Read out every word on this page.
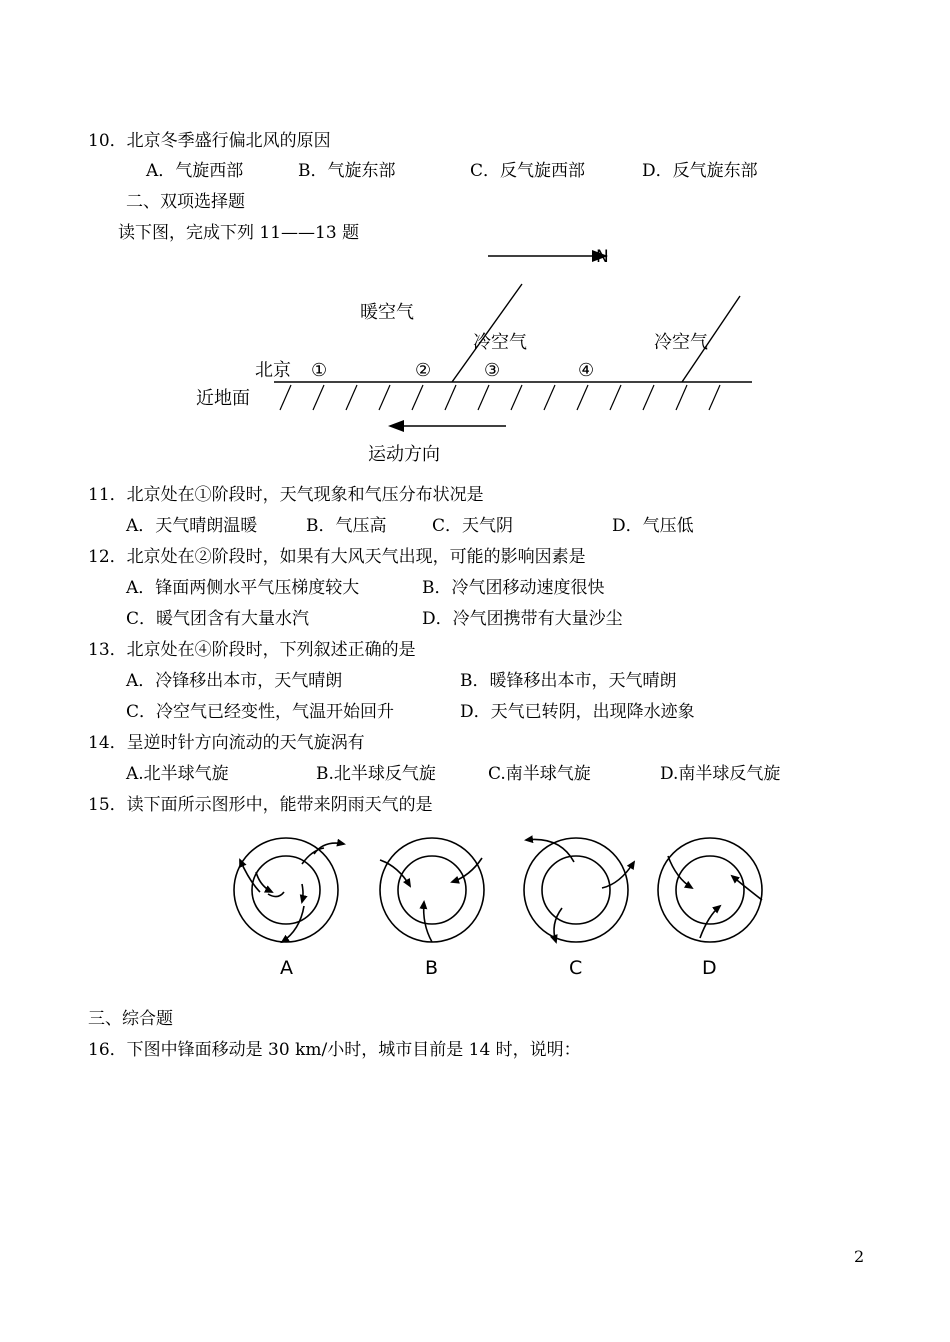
10．北京冬季盛行偏北风的原因
A．气旋西部	B．气旋东部	C．反气旋西部	D．反气旋东部
二、双项选择题
读下图，完成下列 11——13 题
N
暖空气
冷空气	冷空气
北京 ①	②	③	④
近地面
运动方向
11．北京处在①阶段时，天气现象和气压分布状况是
A．天气晴朗温暖	B．气压高	C．天气阴	D．气压低
12．北京处在②阶段时，如果有大风天气出现，可能的影响因素是
A．锋面两侧水平气压梯度较大	B．冷气团移动速度很快
C．暖气团含有大量水汽	D．冷气团携带有大量沙尘
13．北京处在④阶段时，下列叙述正确的是
A．冷锋移出本市，天气晴朗	B．暖锋移出本市，天气晴朗
C．冷空气已经变性，气温开始回升	D．天气已转阴，出现降水迹象
14．呈逆时针方向流动的天气旋涡有
A.北半球气旋	B.北半球反气旋	C.南半球气旋	D.南半球反气旋
15．读下面所示图形中，能带来阴雨天气的是
A	B	C	D
三、综合题
16．下图中锋面移动是 30 km/小时，城市目前是 14 时，说明：
2
